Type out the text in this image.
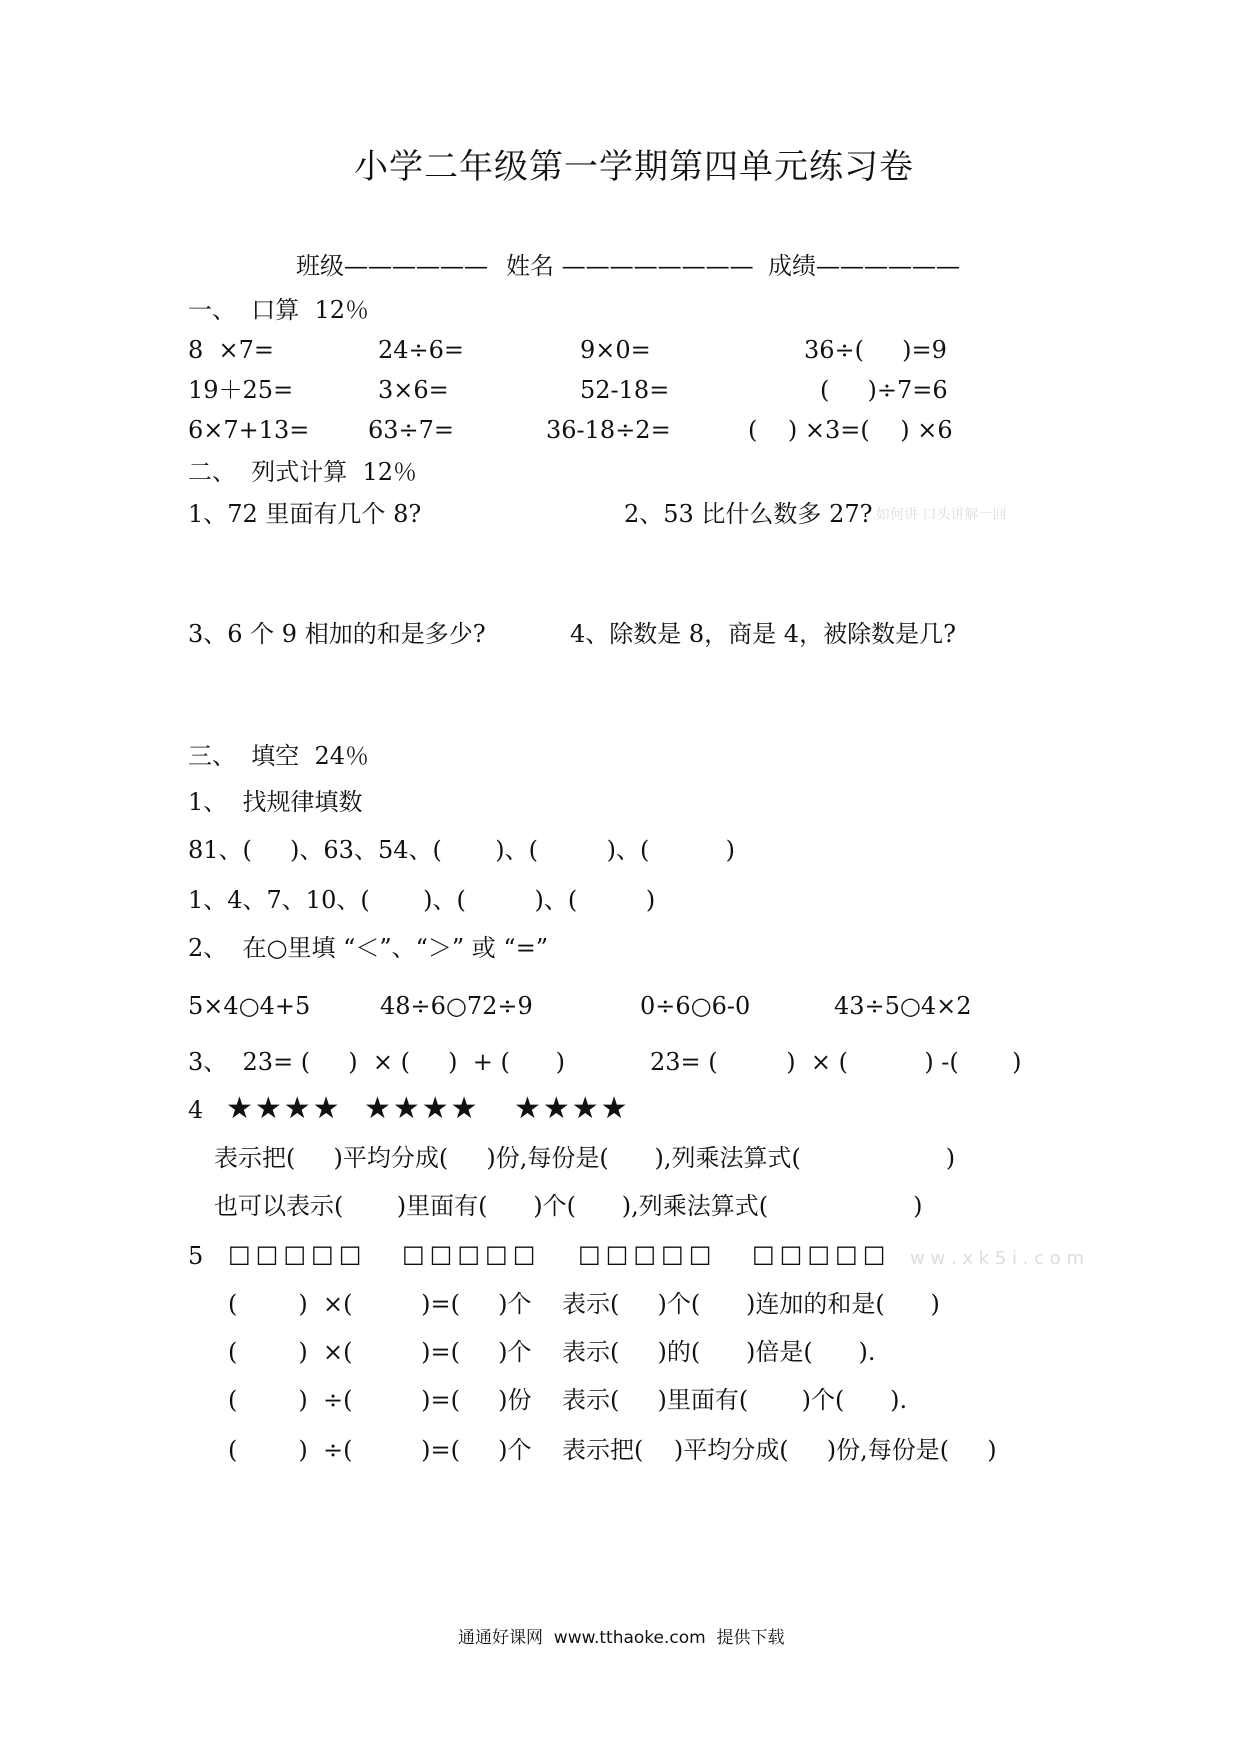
小学二年级第一学期第四单元练习卷
班级—————— 姓名 ———————— 成绩——————
一、  口算  12％
8  ×7=	24÷6=	9×0=	36÷(     )=9
19＋25=	3×6=	52-18=	(     )÷7=6
6×7+13= 63÷7=	36-18÷2=	(    ) ×3=(    ) ×6
二、  列式计算  12％
1、72 里面有几个 8?	2、53 比什么数多 27? 如何讲 口头讲解一回
3、6 个 9 相加的和是多少?	4、除数是 8，商是 4，被除数是几?
三、  填空  24％
1、  找规律填数
81、(     )、63、54、(       )、(         )、(          )
1、4、7、10、(       )、(         )、(         )
2、  在○里填 “＜”、“＞” 或 “=”
5×4○4+5	48÷6○72÷9	0÷6○6-0	43÷5○4×2
3、  23= (     )  × (     )  + (      )	23= (         )  × (          ) -(       )
4 ★★★★ ★★★★ ★★★★
表示把(     )平均分成(     )份,每份是(      ),列乘法算式(                   )
也可以表示(       )里面有(      )个(      ),列乘法算式(                   )
5 □□□□□ □□□□□ □□□□□ □□□□□ w w . x k 5 i . c o m
(        )  ×(         )=(     )个    表示(     )个(      )连加的和是(      )
(        )  ×(         )=(     )个    表示(     )的(      )倍是(      ).
(        )  ÷(         )=(     )份    表示(     )里面有(       )个(      ).
(        )  ÷(         )=(     )个    表示把(    )平均分成(     )份,每份是(     )
通通好课网  www.tthaoke.com  提供下载
